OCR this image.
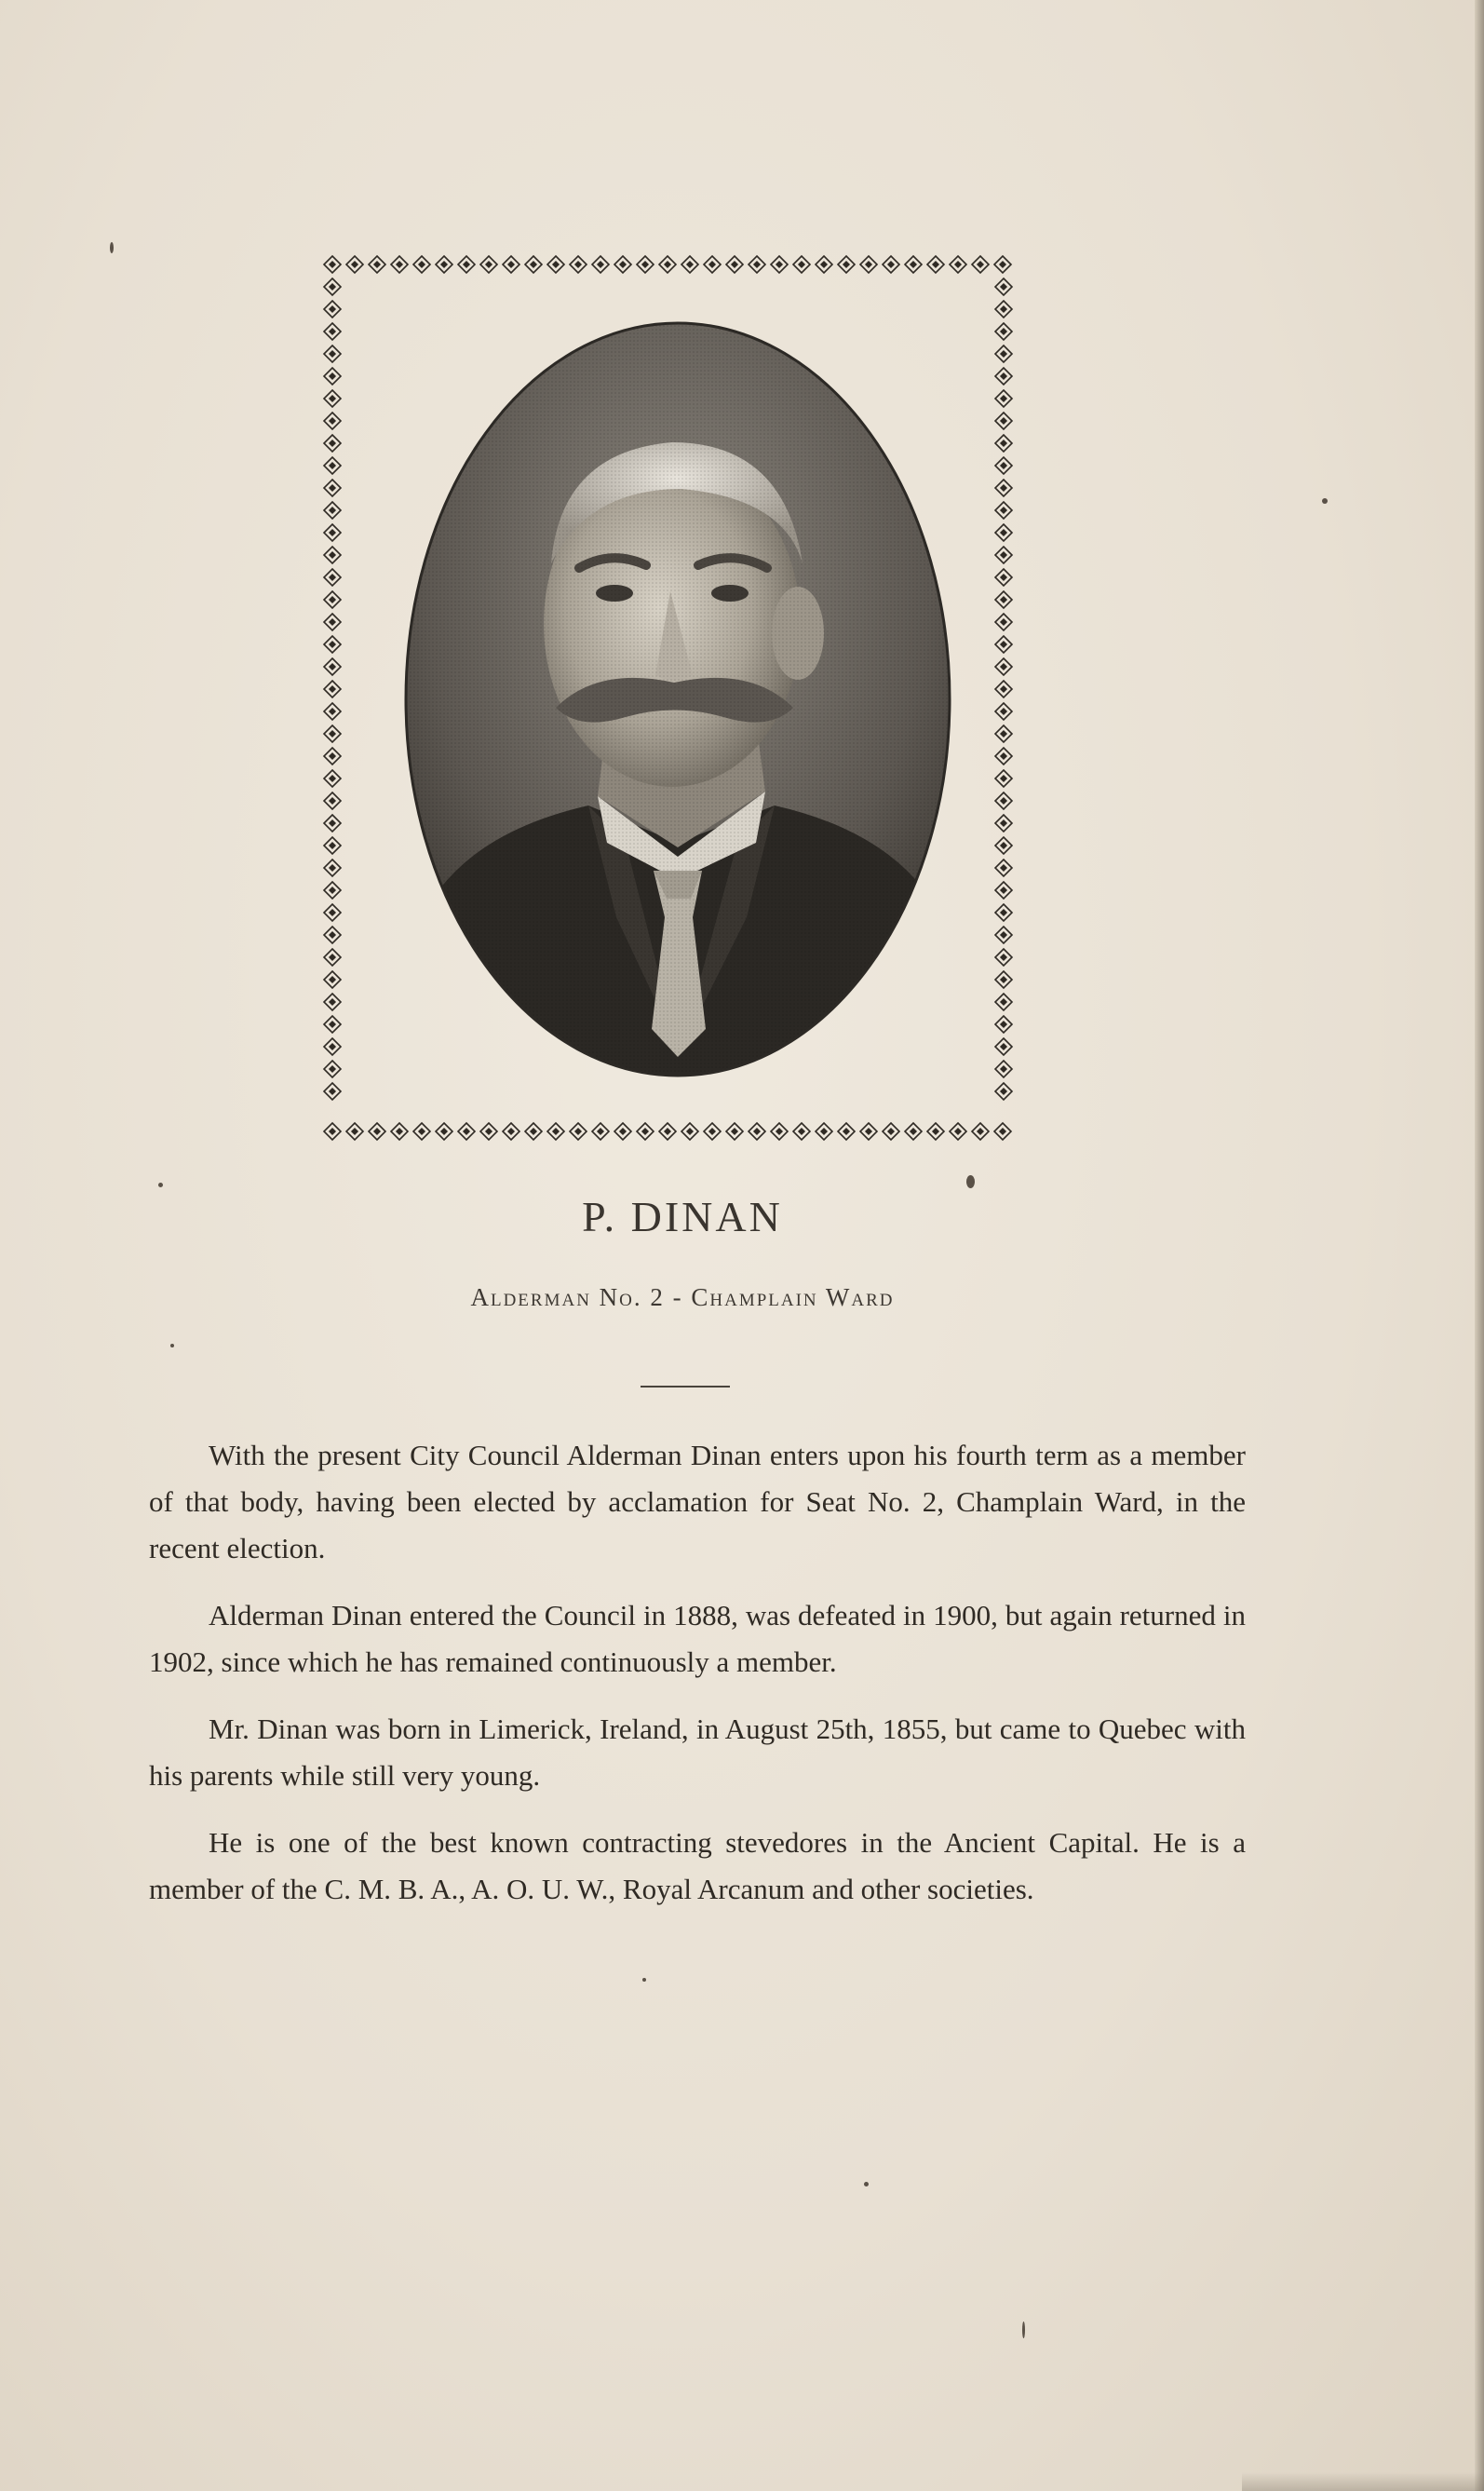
P. DINAN
Alderman No. 2 - Champlain Ward

With the present City Council Alderman Dinan enters upon his fourth term as a member of that body, having been elected by acclamation for Seat No. 2, Champlain Ward, in the recent election.

Alderman Dinan entered the Council in 1888, was defeated in 1900, but again returned in 1902, since which he has remained continuously a member.

Mr. Dinan was born in Limerick, Ireland, in August 25th, 1855, but came to Quebec with his parents while still very young.

He is one of the best known contracting stevedores in the Ancient Capital. He is a member of the C. M. B. A., A. O. U. W., Royal Arcanum and other societies.
